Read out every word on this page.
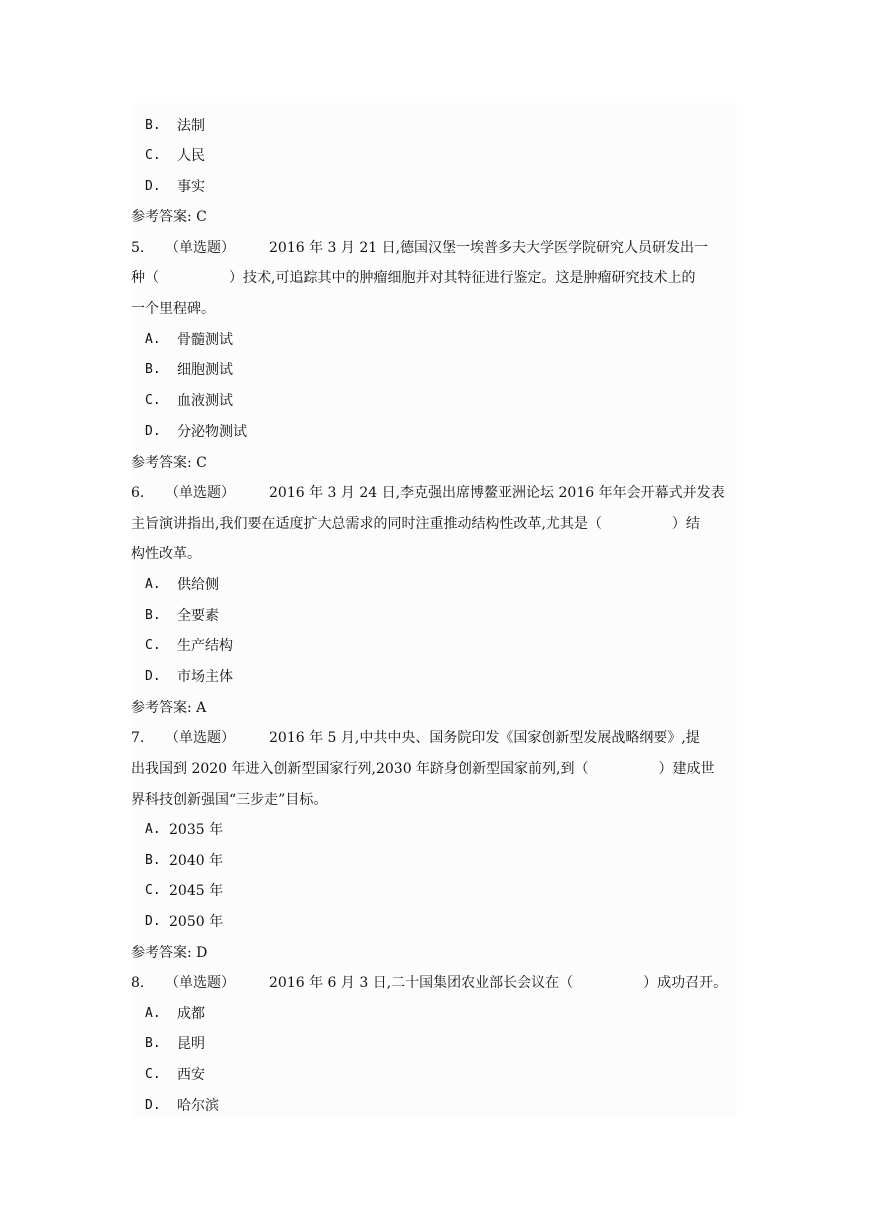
B. 法制
C. 人民
D. 事实
参考答案: C
5. （单选题） 2016 年 3 月 21 日,德国汉堡一埃普多夫大学医学院研究人员研发出一
种（　　　　　）技术,可追踪其中的肿瘤细胞并对其特征进行鉴定。这是肿瘤研究技术上的
一个里程碑。
A. 骨髓测试
B. 细胞测试
C. 血液测试
D. 分泌物测试
参考答案: C
6. （单选题） 2016 年 3 月 24 日,李克强出席博鳌亚洲论坛 2016 年年会开幕式并发表
主旨演讲指出,我们要在适度扩大总需求的同时注重推动结构性改革,尤其是（　　　　　）结
构性改革。
A. 供给侧
B. 全要素
C. 生产结构
D. 市场主体
参考答案: A
7. （单选题） 2016 年 5 月,中共中央、国务院印发《国家创新型发展战略纲要》,提
出我国到 2020 年进入创新型国家行列,2030 年跻身创新型国家前列,到（　　　　　）建成世
界科技创新强国“三步走”目标。
A. 2035 年
B. 2040 年
C. 2045 年
D. 2050 年
参考答案: D
8. （单选题） 2016 年 6 月 3 日,二十国集团农业部长会议在（　　　　　）成功召开。
A. 成都
B. 昆明
C. 西安
D. 哈尔滨
